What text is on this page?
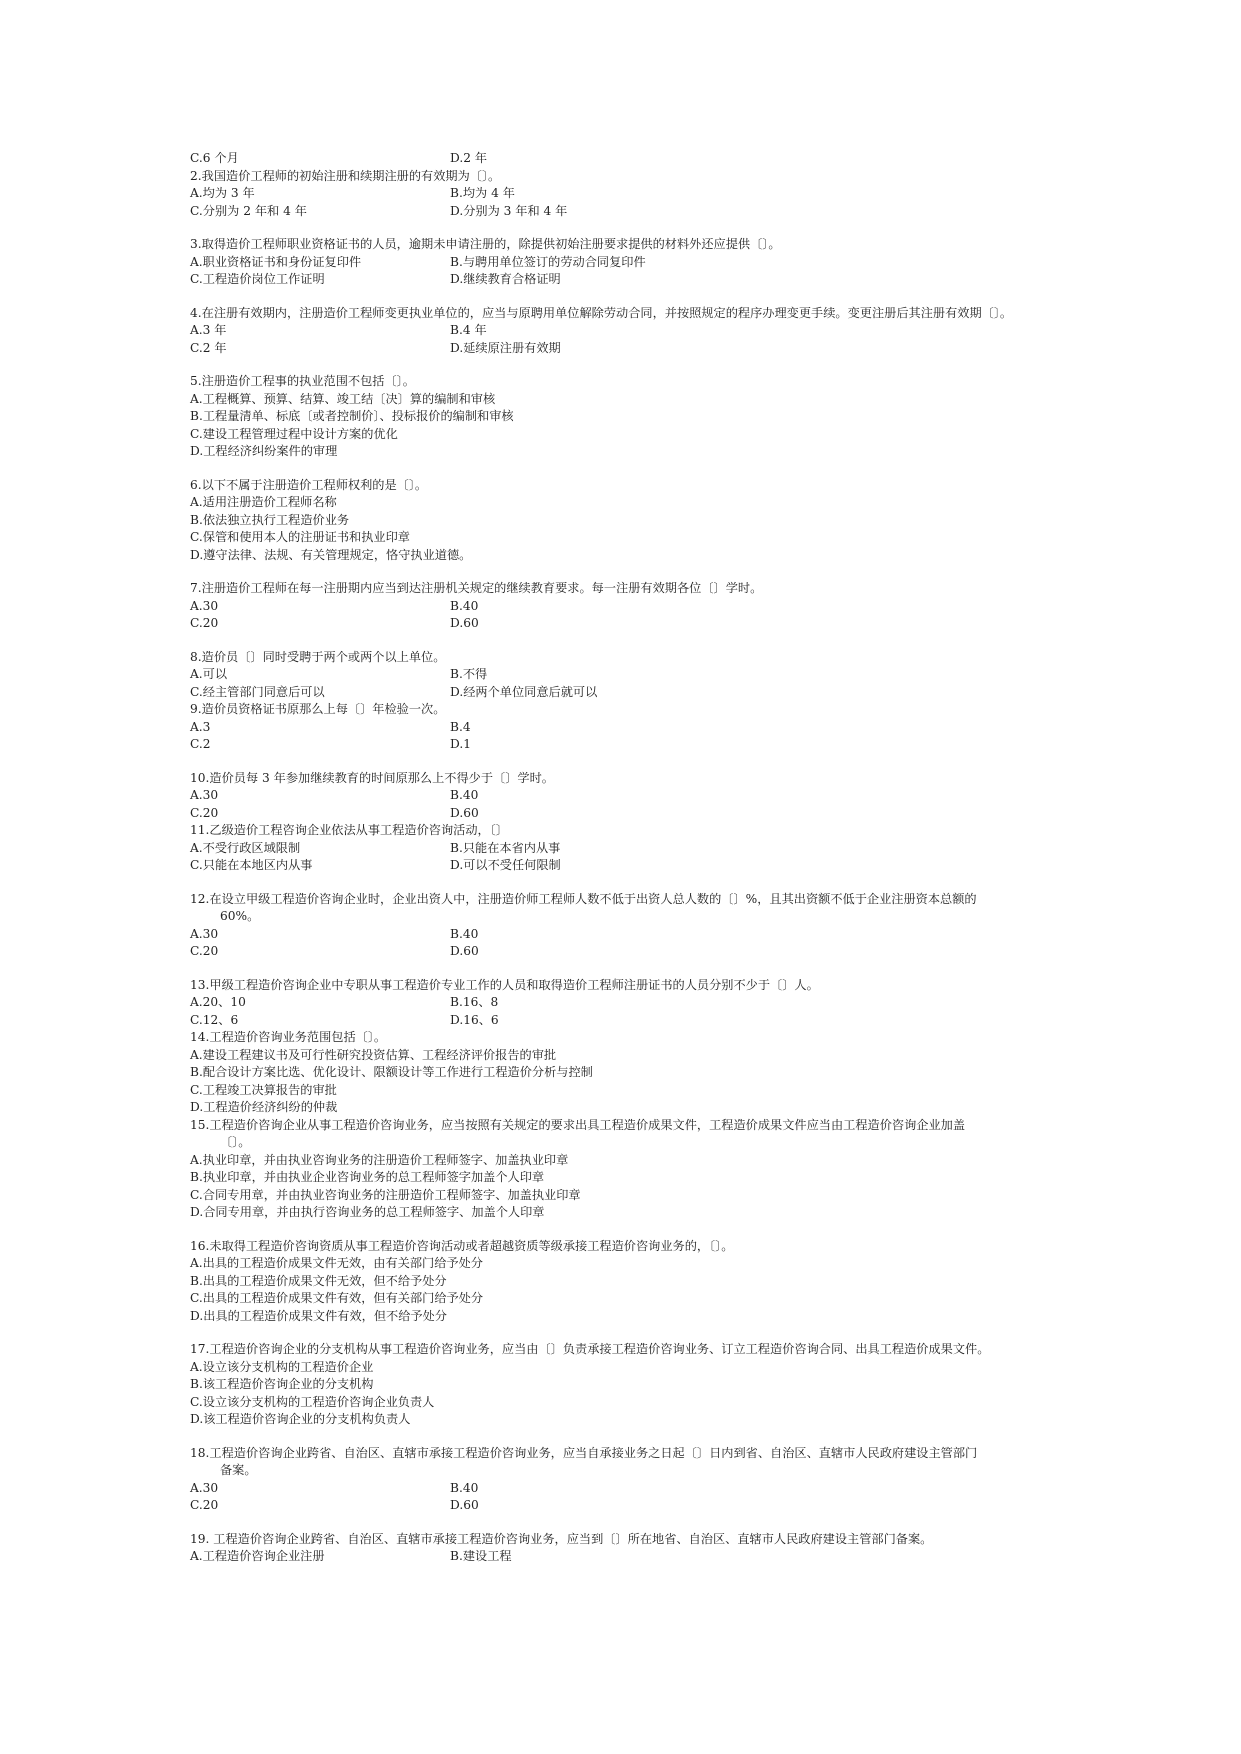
C.6 个月	D.2 年

2.我国造价工程师的初始注册和续期注册的有效期为〔〕。

A.均为 3 年	B.均为 4 年
C.分别为 2 年和 4 年	D.分别为 3 年和 4 年

3.取得造价工程师职业资格证书的人员，逾期未申请注册的，除提供初始注册要求提供的材料外还应提供〔〕。

A.职业资格证书和身份证复印件	B.与聘用单位签订的劳动合同复印件
C.工程造价岗位工作证明	D.继续教育合格证明

4.在注册有效期内，注册造价工程师变更执业单位的，应当与原聘用单位解除劳动合同，并按照规定的程序办理变更手续。变更注册后其注册有效期〔〕。

A.3 年	B.4 年
C.2 年	D.延续原注册有效期

5.注册造价工程事的执业范围不包括〔〕。

A.工程概算、预算、结算、竣工结〔决〕算的编制和审核

B.工程量清单、标底〔或者控制价〕、投标报价的编制和审核

C.建设工程管理过程中设计方案的优化

D.工程经济纠纷案件的审理

6.以下不属于注册造价工程师权利的是〔〕。

A.适用注册造价工程师名称

B.依法独立执行工程造价业务

C.保管和使用本人的注册证书和执业印章

D.遵守法律、法规、有关管理规定，恪守执业道德。

7.注册造价工程师在每一注册期内应当到达注册机关规定的继续教育要求。每一注册有效期各位〔〕学时。

A.30	B.40
C.20	D.60

8.造价员〔〕同时受聘于两个或两个以上单位。

A.可以	B.不得
C.经主管部门同意后可以	D.经两个单位同意后就可以

9.造价员资格证书原那么上每〔〕年检验一次。

A.3	B.4
C.2	D.1

10.造价员每 3 年参加继续教育的时间原那么上不得少于〔〕学时。

A.30	B.40
C.20	D.60

11.乙级造价工程咨询企业依法从事工程造价咨询活动，〔〕

A.不受行政区域限制	B.只能在本省内从事
C.只能在本地区内从事	D.可以不受任何限制

12.在设立甲级工程造价咨询企业时，企业出资人中，注册造价师工程师人数不低于出资人总人数的〔〕%，且其出资额不低于企业注册资本总额的

60%。

A.30	B.40
C.20	D.60

13.甲级工程造价咨询企业中专职从事工程造价专业工作的人员和取得造价工程师注册证书的人员分别不少于〔〕人。

A.20、10	B.16、8
C.12、6	D.16、6

14.工程造价咨询业务范围包括〔〕。

A.建设工程建议书及可行性研究投资估算、工程经济评价报告的审批

B.配合设计方案比选、优化设计、限额设计等工作进行工程造价分析与控制

C.工程竣工决算报告的审批

D.工程造价经济纠纷的仲裁

15.工程造价咨询企业从事工程造价咨询业务，应当按照有关规定的要求出具工程造价成果文件，工程造价成果文件应当由工程造价咨询企业加盖

〔〕。

A.执业印章，并由执业咨询业务的注册造价工程师签字、加盖执业印章

B.执业印章，并由执业企业咨询业务的总工程师签字加盖个人印章

C.合同专用章，并由执业咨询业务的注册造价工程师签字、加盖执业印章

D.合同专用章，并由执行咨询业务的总工程师签字、加盖个人印章

16.未取得工程造价咨询资质从事工程造价咨询活动或者超越资质等级承接工程造价咨询业务的，〔〕。

A.出具的工程造价成果文件无效，由有关部门给予处分

B.出具的工程造价成果文件无效，但不给予处分

C.出具的工程造价成果文件有效，但有关部门给予处分

D.出具的工程造价成果文件有效，但不给予处分

17.工程造价咨询企业的分支机构从事工程造价咨询业务，应当由〔〕负责承接工程造价咨询业务、订立工程造价咨询合同、出具工程造价成果文件。

A.设立该分支机构的工程造价企业

B.该工程造价咨询企业的分支机构

C.设立该分支机构的工程造价咨询企业负责人

D.该工程造价咨询企业的分支机构负责人

18.工程造价咨询企业跨省、自治区、直辖市承接工程造价咨询业务，应当自承接业务之日起〔〕日内到省、自治区、直辖市人民政府建设主管部门

备案。

A.30	B.40
C.20	D.60

19. 工程造价咨询企业跨省、自治区、直辖市承接工程造价咨询业务，应当到〔〕所在地省、自治区、直辖市人民政府建设主管部门备案。

A.工程造价咨询企业注册	B.建设工程
